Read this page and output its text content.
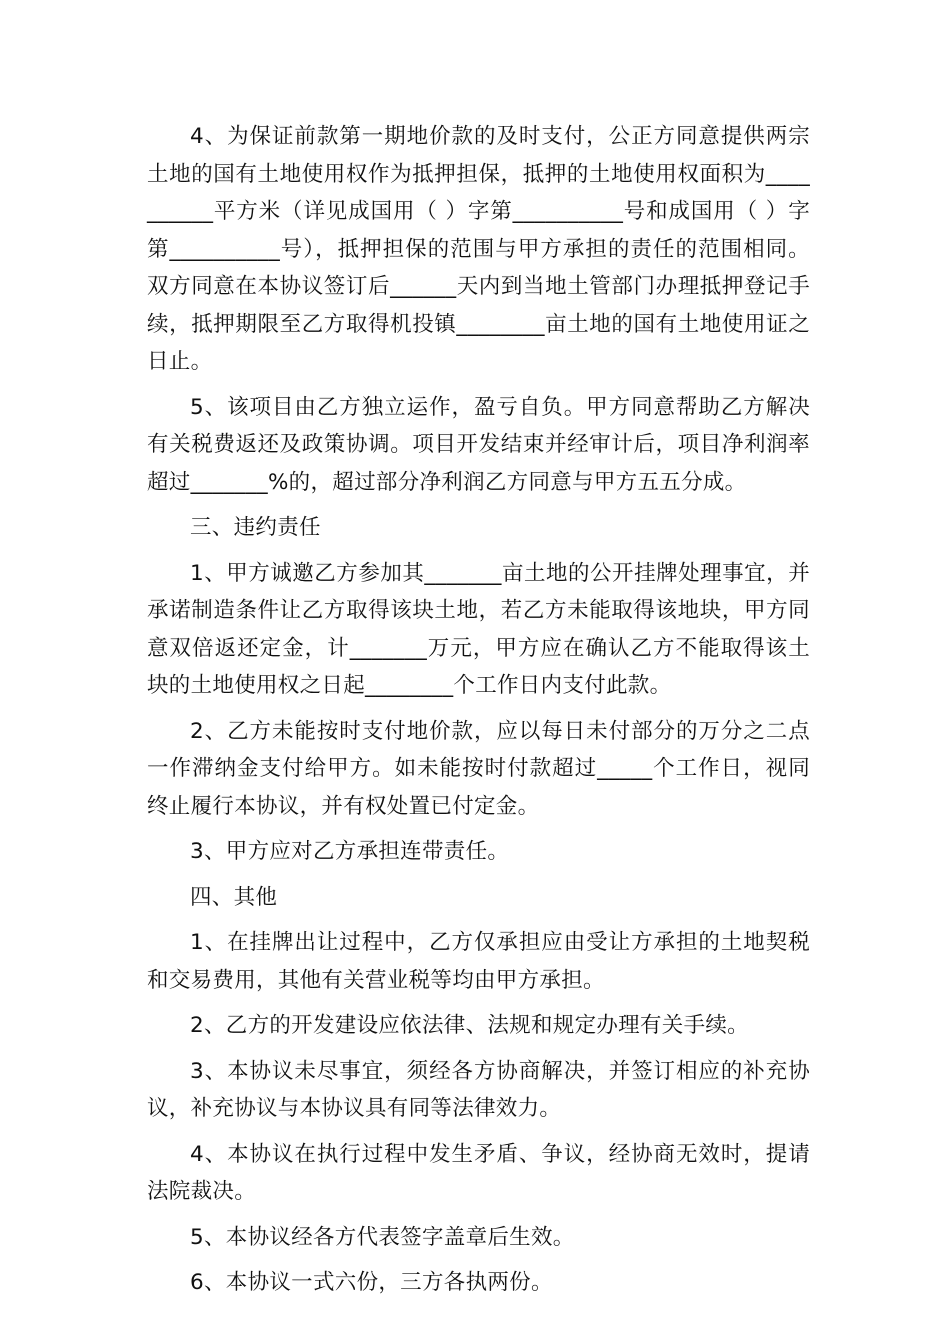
4、为保证前款第一期地价款的及时支付，公正方同意提供两宗土地的国有土地使用权作为抵押担保，抵押的土地使用权面积为__________平方米（详见成国用（ ）字第__________号和成国用（ ）字第__________号），抵押担保的范围与甲方承担的责任的范围相同。双方同意在本协议签订后______天内到当地土管部门办理抵押登记手续，抵押期限至乙方取得机投镇________亩土地的国有土地使用证之日止。

5、该项目由乙方独立运作，盈亏自负。甲方同意帮助乙方解决有关税费返还及政策协调。项目开发结束并经审计后，项目净利润率超过_______%的，超过部分净利润乙方同意与甲方五五分成。

三、违约责任

1、甲方诚邀乙方参加其_______亩土地的公开挂牌处理事宜，并承诺制造条件让乙方取得该块土地，若乙方未能取得该地块，甲方同意双倍返还定金，计_______万元，甲方应在确认乙方不能取得该土块的土地使用权之日起________个工作日内支付此款。

2、乙方未能按时支付地价款，应以每日未付部分的万分之二点一作滞纳金支付给甲方。如未能按时付款超过_____个工作日，视同终止履行本协议，并有权处置已付定金。

3、甲方应对乙方承担连带责任。

四、其他

1、在挂牌出让过程中，乙方仅承担应由受让方承担的土地契税和交易费用，其他有关营业税等均由甲方承担。

2、乙方的开发建设应依法律、法规和规定办理有关手续。

3、本协议未尽事宜，须经各方协商解决，并签订相应的补充协议，补充协议与本协议具有同等法律效力。

4、本协议在执行过程中发生矛盾、争议，经协商无效时，提请法院裁决。

5、本协议经各方代表签字盖章后生效。

6、本协议一式六份，三方各执两份。
